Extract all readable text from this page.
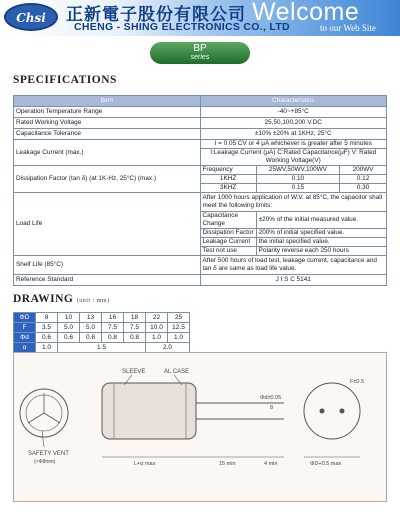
Chsi	正新電子股份有限公司
CHENG - SHING ELECTRONICS CO., LTD
Welcome
to our Web Site
BP
series
SPECIFICATIONS
Item	Characteristics
Operation Temperature Range	-40~+85°C
Rated Working Voltage	25,50,100,200 V.DC
Capacitance Tolerance	±10% ±20% at 1KHz, 25°C
Leakage Current (max.)	
I = 0.05 CV or 4 μA whichever is greater after 5 minutes
I:Leakage Current (μA) C:Rated Capacitance(μF) V: Rated Working Voltage(V)

Dissipation Factor (tan δ) (at 1K-Hz, 25°C) (max.)	
Frequency	25WV,50WV,100WV	200WV
1KHZ	0.10	0.12
3KHZ	0.15	0.30

Load Life	
After 1000 hours application of W.V. at 85°C, the capacitor shall meet the following limits:
Capacitance Change	±20% of the initial measured value.
Dissipation Factor	200% of initial specified value.
Leakage Current	the initial specified value.
Test not use	Polarity reverse each 250 hours

Shelf Life (85°C)	After 500 hours of load test, leakage current, capacitance and tan δ are same as load life value.
Reference Standard	J I S C 5141
DRAWING (unit : mm)
ΦD	8	10	13	16	18	22	25
F	3.5	5.0	5.0	7.5	7.5	10.0	12.5
Φd	0.6	0.6	0.6	0.8	0.8	1.0	1.0
α	1.0	1.5				2.0	
SAFETY VENT
(>Φ8mm)
SLEEVE	AL CASE
Φd±0.05
8
L+α max	15 min	4 min
F±0.5
ΦD+0.5 max
